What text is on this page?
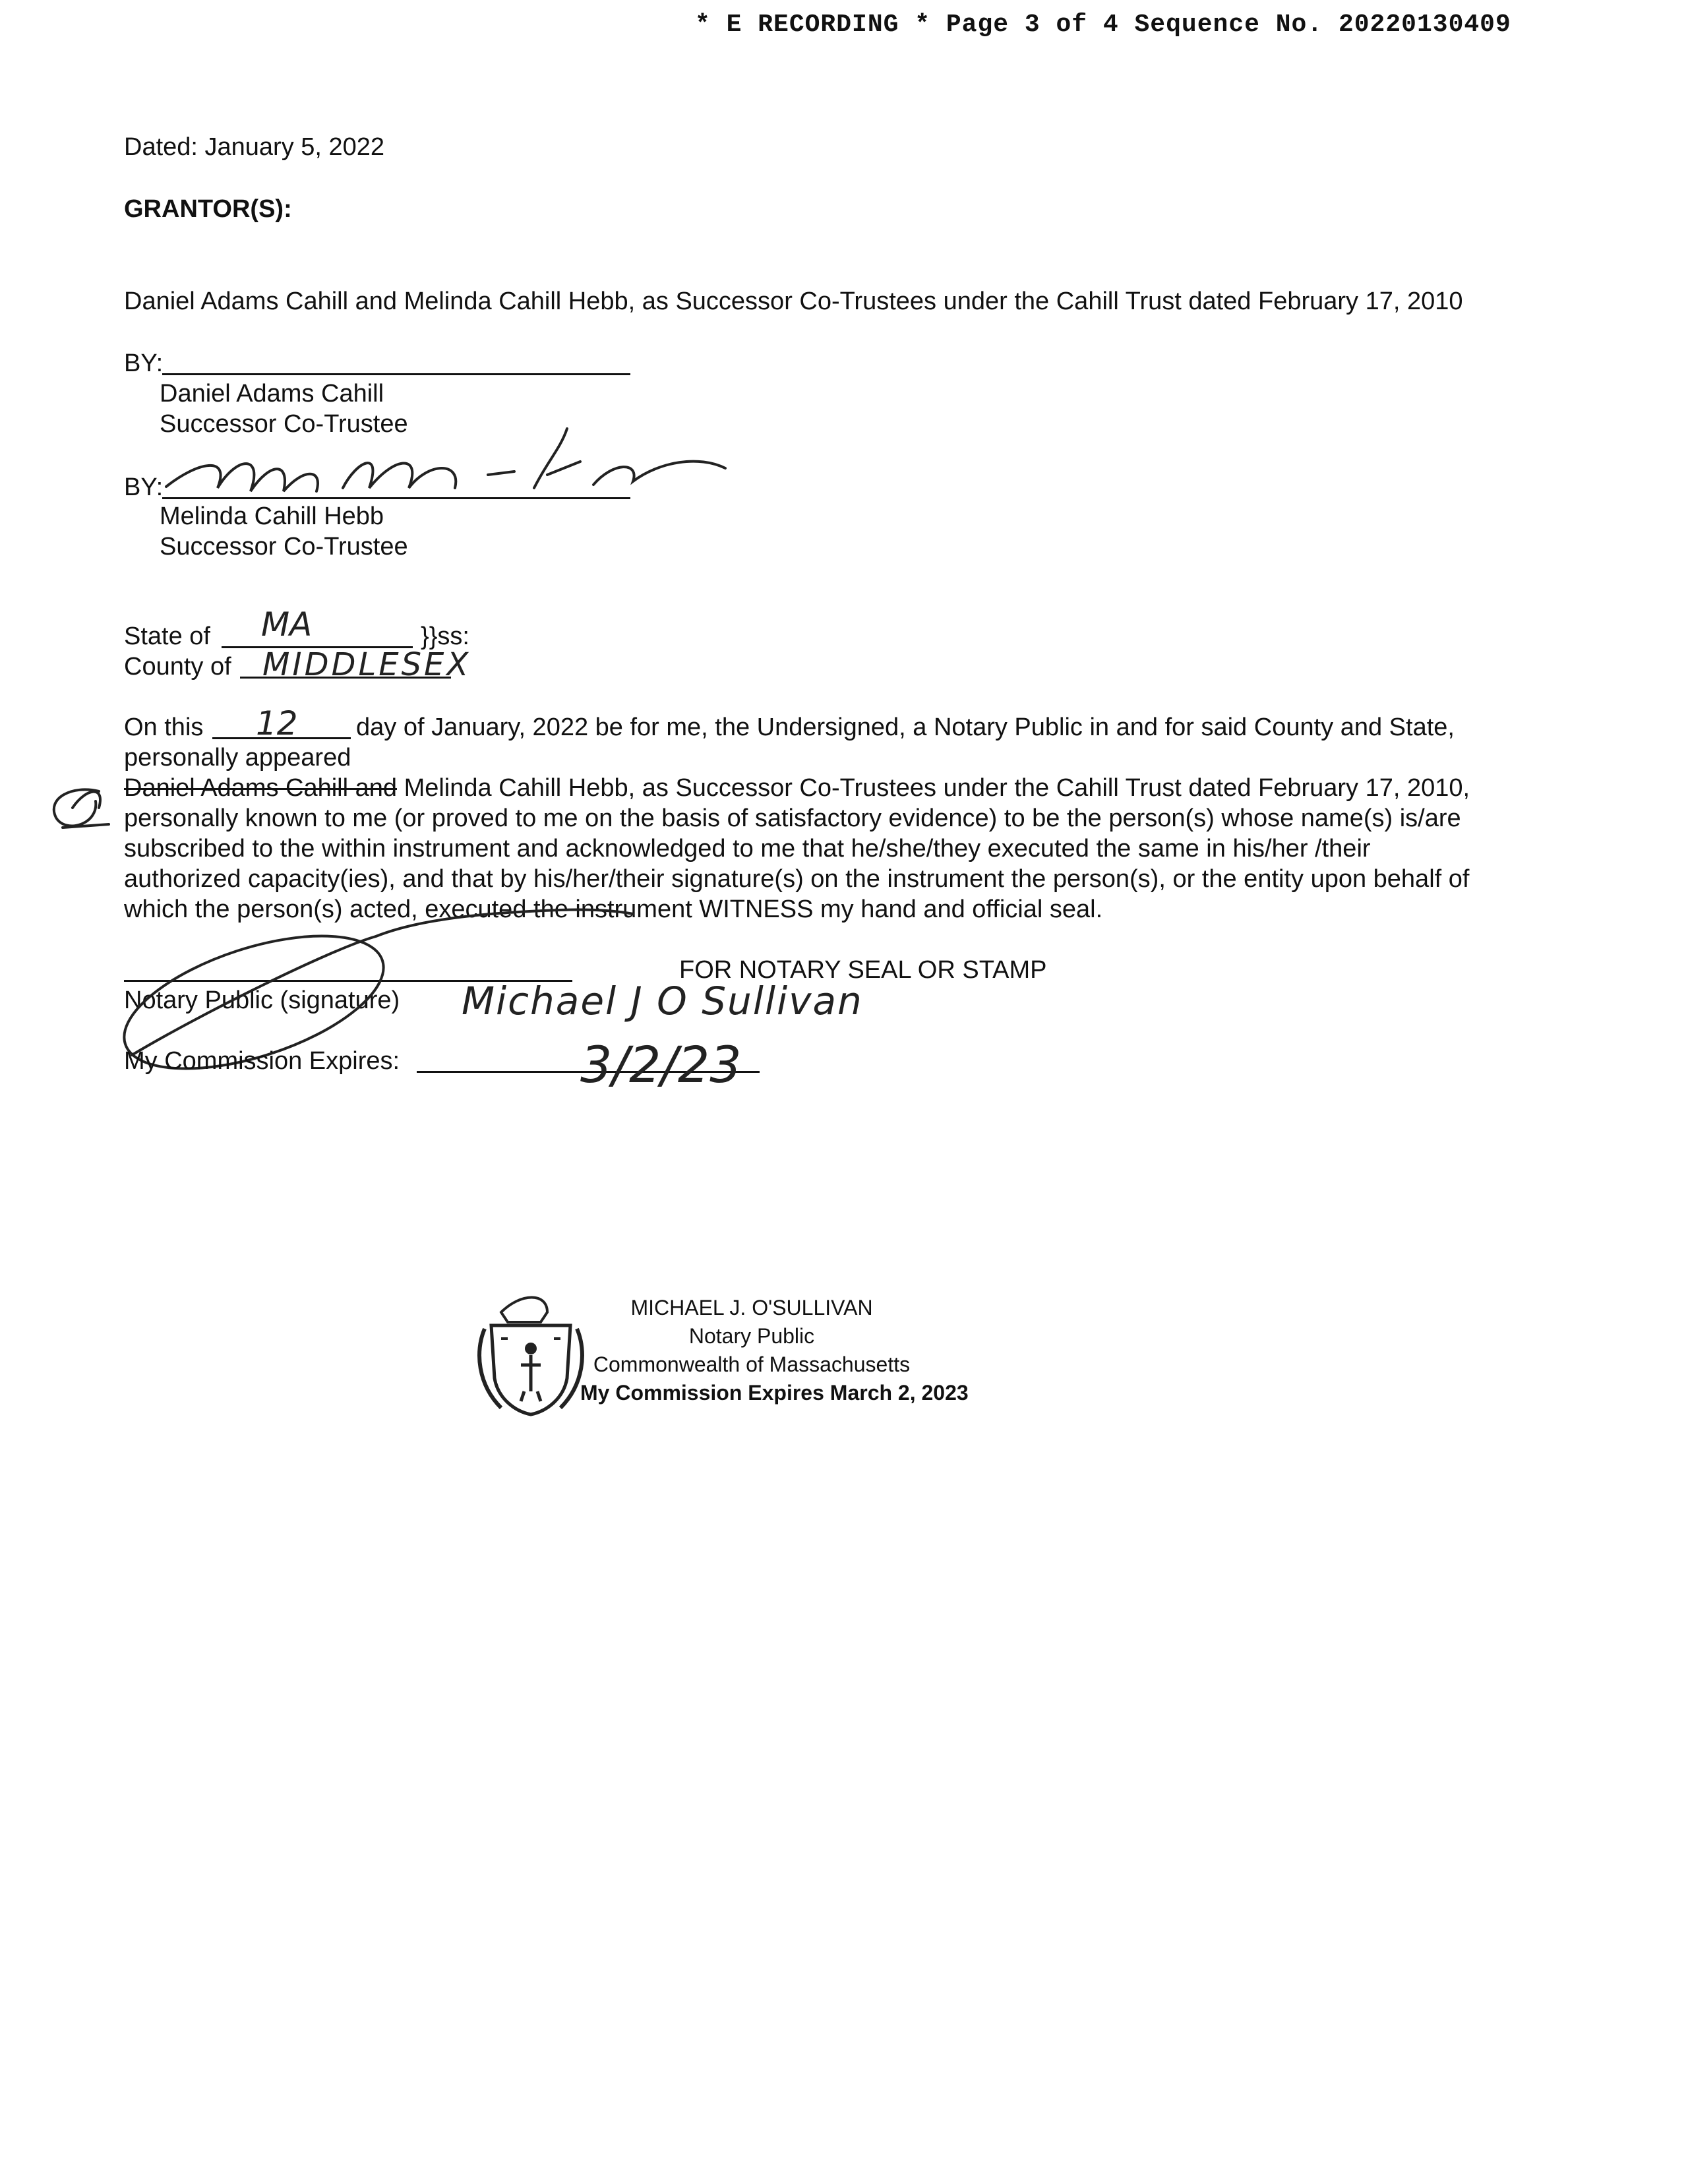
* E RECORDING * Page 3 of 4 Sequence No. 20220130409
Dated: January 5, 2022
GRANTOR(S):
Daniel Adams Cahill and Melinda Cahill Hebb, as Successor Co-Trustees under the Cahill Trust dated February 17, 2010
BY:
Daniel Adams Cahill
Successor Co-Trustee
BY:
Melinda Cahill Hebb
Successor Co-Trustee
State of MA	}}ss:
County of MIDDLESEX
On this 12 day of January, 2022 be for me, the Undersigned, a Notary Public in and for said County and State,
personally appeared
Daniel Adams Cahill and Melinda Cahill Hebb, as Successor Co-Trustees under the Cahill Trust dated February 17, 2010,
personally known to me (or proved to me on the basis of satisfactory evidence) to be the person(s) whose name(s) is/are
subscribed to the within instrument and acknowledged to me that he/she/they executed the same in his/her /their
authorized capacity(ies), and that by his/her/their signature(s) on the instrument the person(s), or the entity upon behalf of
which the person(s) acted, executed the instrument WITNESS my hand and official seal.
FOR NOTARY SEAL OR STAMP
Notary Public (signature) Michael J O Sullivan
My Commission Expires:	3/2/23
MICHAEL J. O'SULLIVAN
Notary Public
Commonwealth of Massachusetts
My Commission Expires March 2, 2023
